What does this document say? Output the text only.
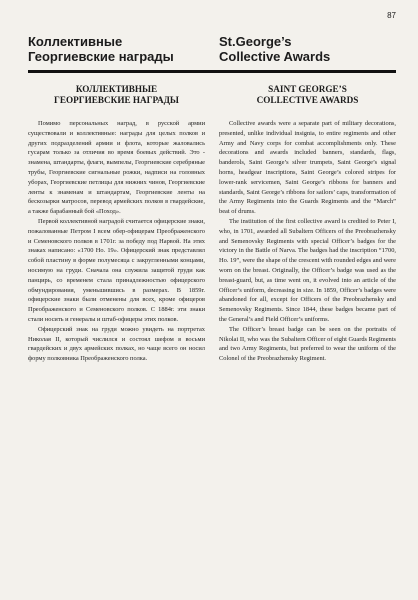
87

Коллективные

Георгиевские награды

St.George’s

Collective Awards

КОЛЛЕКТИВНЫЕ
ГЕОРГИЕВСКИЕ НАГРАДЫ

Помимо персональных наград, в русской армии существовали и коллективные: награды для целых полков и других подразделений армии и флота, которые жаловались гусарам только за отличия во время боевых действий. Это - знамена, штандарты, флаги, вымпелы, Георгиевские серебряные трубы, Георгиевские сигнальные рожки, надписи на головных уборах, Георгиевские петлицы для нижних чинов, Георгиевские ленты к знаменам и штандартам, Георгиевские ленты на бескозырки матросов, перевод армейских полков в гвардейские, а также барабанный бой «Поход».

Первой коллективной наградой считается офицерские знаки, пожалованные Петром I всем обер-офицерам Преображенского и Семеновского полков в 1701г. за победу под Нарвой. На этих знаках написано: «1700 Но. 19». Офицерский знак представлял собой пластину в форме полумесяца с закругленными концами, носимую на груди. Сначала она служила защитой груди как панцирь, со временем стала принадлежностью офицерского обмундирования, уменьшившись в размерах. В 1859г. офицерские знаки были отменены для всех, кроме офицеров Преображенского и Семеновского полков. С 1884г. эти знаки стали носить и генералы и штаб-офицеры этих полков.

Офицерский знак на груди можно увидеть на портретах Николая II, который числился и состоял шефом в восьми гвардейских и двух армейских полках, но чаще всего он носил форму полковника Преображенского полка.

SAINT GEORGE’S
COLLECTIVE AWARDS

Collective awards were a separate part of military decorations, presented, unlike individual insignia, to entire regiments and other Army and Navy corps for combat accomplishments only. These decorations and awards included banners, standards, flags, banderols, Saint George’s silver trumpets, Saint George’s signal horns, headgear inscriptions, Saint George’s colored stripes for lower-rank servicemen, Saint George’s ribbons for banners and standards, Saint George’s ribbons for sailors’ caps, transformation of the Army Regiments into the Guards Regiments and the “March” beat of drums.

The institution of the first collective award is credited to Peter I, who, in 1701, awarded all Subaltern Officers of the Preobrazhensky and Semenovsky Regiments with special Officer’s badges for the victory in the Battle of Narva. The badges had the inscription “1700, Ho. 19”, were the shape of the crescent with rounded edges and were worn on the breast. Originally, the Officer’s badge was used as the breast-guard, but, as time went on, it evolved into an article of the Officer’s uniform, decreasing in size. In 1859, Officer’s badges were abandoned for all, except for Officers of the Preobrazhensky and Semenovsky Regiments. Since 1844, these badges became part of the General’s and Field Officer’s uniforms.

The Officer’s breast badge can be seen on the portraits of Nikolai II, who was the Subaltern Officer of eight Guards Regiments and two Army Regiments, but preferred to wear the uniform of the Colonel of the Preobrazhensky Regiment.
